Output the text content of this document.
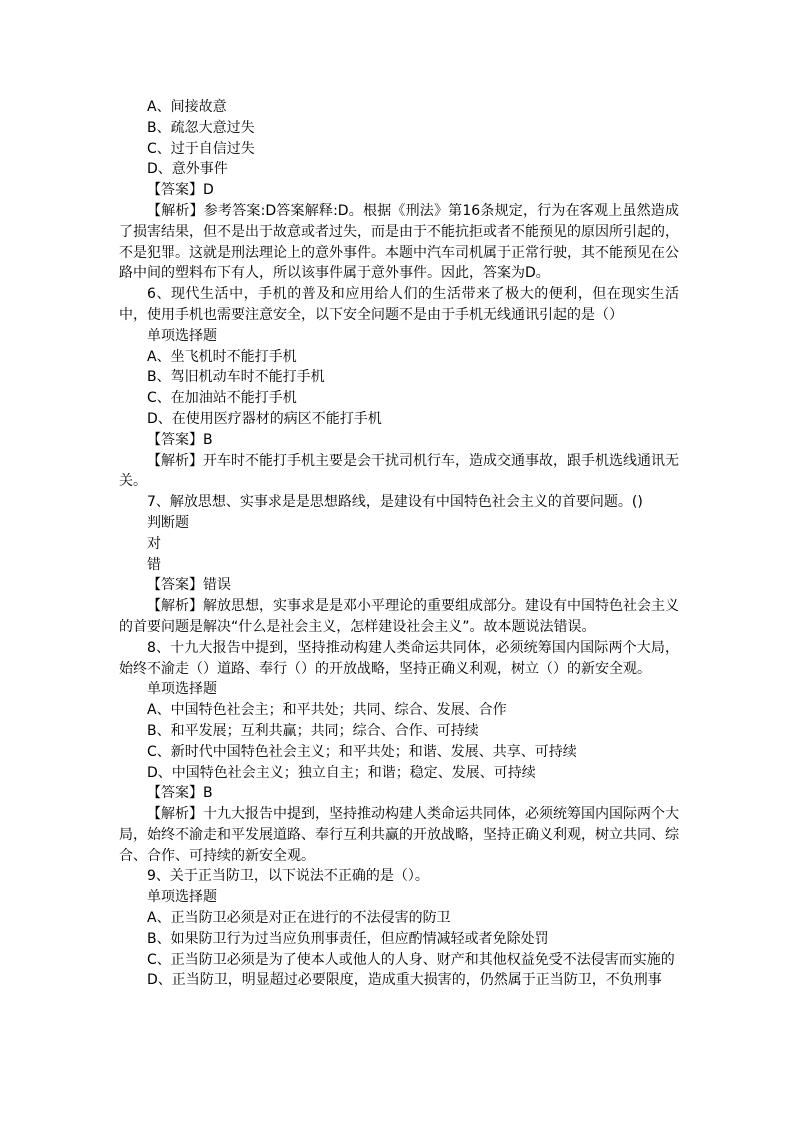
A、间接故意

B、疏忽大意过失

C、过于自信过失

D、意外事件

【答案】D

【解析】参考答案:D答案解释:D。根据《刑法》第16条规定，行为在客观上虽然造成了损害结果，但不是出于故意或者过失，而是由于不能抗拒或者不能预见的原因所引起的，不是犯罪。这就是刑法理论上的意外事件。本题中汽车司机属于正常行驶，其不能预见在公路中间的塑料布下有人，所以该事件属于意外事件。因此，答案为D。

6、现代生活中，手机的普及和应用给人们的生活带来了极大的便利，但在现实生活中，使用手机也需要注意安全，以下安全问题不是由于手机无线通讯引起的是（）

单项选择题

A、坐飞机时不能打手机

B、驾旧机动车时不能打手机

C、在加油站不能打手机

D、在使用医疗器材的病区不能打手机

【答案】B

【解析】开车时不能打手机主要是会干扰司机行车，造成交通事故，跟手机选线通讯无关。

7、解放思想、实事求是是思想路线，是建设有中国特色社会主义的首要问题。()

判断题

对

错

【答案】错误

【解析】解放思想，实事求是是邓小平理论的重要组成部分。建设有中国特色社会主义的首要问题是解决“什么是社会主义，怎样建设社会主义”。故本题说法错误。

8、十九大报告中提到，坚持推动构建人类命运共同体，必须统筹国内国际两个大局，始终不渝走（）道路、奉行（）的开放战略，坚持正确义利观，树立（）的新安全观。

单项选择题

A、中国特色社会主；和平共处；共同、综合、发展、合作

B、和平发展；互利共赢；共同；综合、合作、可持续

C、新时代中国特色社会主义；和平共处；和谐、发展、共享、可持续

D、中国特色社会主义；独立自主；和谐；稳定、发展、可持续

【答案】B

【解析】十九大报告中提到，坚持推动构建人类命运共同体，必须统筹国内国际两个大局，始终不渝走和平发展道路、奉行互利共赢的开放战略，坚持正确义利观，树立共同、综合、合作、可持续的新安全观。

9、关于正当防卫，以下说法不正确的是（）。

单项选择题

A、正当防卫必须是对正在进行的不法侵害的防卫

B、如果防卫行为过当应负刑事责任，但应酌情减轻或者免除处罚

C、正当防卫必须是为了使本人或他人的人身、财产和其他权益免受不法侵害而实施的

D、正当防卫，明显超过必要限度，造成重大损害的，仍然属于正当防卫，不负刑事
